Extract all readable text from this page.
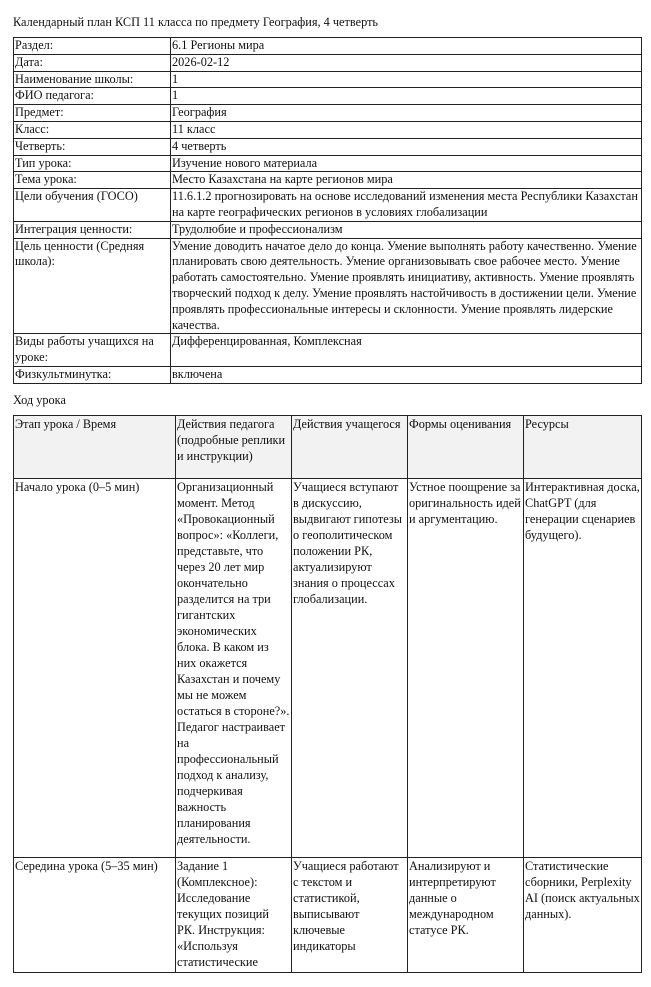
Календарный план КСП 11 класса по предмету География, 4 четверть
Раздел:	6.1 Регионы мира
Дата:	2026-02-12
Наименование школы:	1
ФИО педагога:	1
Предмет:	География
Класс:	11 класс
Четверть:	4 четверть
Тип урока:	Изучение нового материала
Тема урока:	Место Казахстана на карте регионов мира
Цели обучения (ГОСО)	11.6.1.2 прогнозировать на основе исследований изменения места Республики Казахстан на карте географических регионов в условиях глобализации
Интеграция ценности:	Трудолюбие и профессионализм
Цель ценности (Средняя школа):	Умение доводить начатое дело до конца. Умение выполнять работу качественно. Умение планировать свою деятельность. Умение организовывать свое рабочее место. Умение работать самостоятельно. Умение проявлять инициативу, активность. Умение проявлять творческий подход к делу. Умение проявлять настойчивость в достижении цели. Умение проявлять профессиональные интересы и склонности. Умение проявлять лидерские качества.
Виды работы учащихся на уроке:	Дифференцированная, Комплексная
Физкультминутка:	включена
Ход урока
Этап урока / Время	Действия педагога (подробные реплики и инструкции)	Действия учащегося	Формы оценивания	Ресурсы

Начало урока (0–5 мин)	Организационный момент. Метод «Провокационный вопрос»: «Коллеги, представьте, что через 20 лет мир окончательно разделится на три гигантских экономических блока. В каком из них окажется Казахстан и почему мы не можем остаться в стороне?». Педагог настраивает на профессиональный подход к анализу, подчеркивая важность планирования деятельности.	Учащиеся вступают в дискуссию, выдвигают гипотезы о геополитическом положении РК, актуализируют знания о процессах глобализации.	Устное поощрение за оригинальность идей и аргументацию.	Интерактивная доска, ChatGPT (для генерации сценариев будущего).

Середина урока (5–35 мин)	Задание 1 (Комплексное): Исследование текущих позиций РК. Инструкция: «Используя статистические	Учащиеся работают с текстом и статистикой, выписывают ключевые индикаторы	Анализируют и интерпретируют данные о международном статусе РК.	Статистические сборники, Perplexity AI (поиск актуальных данных).
